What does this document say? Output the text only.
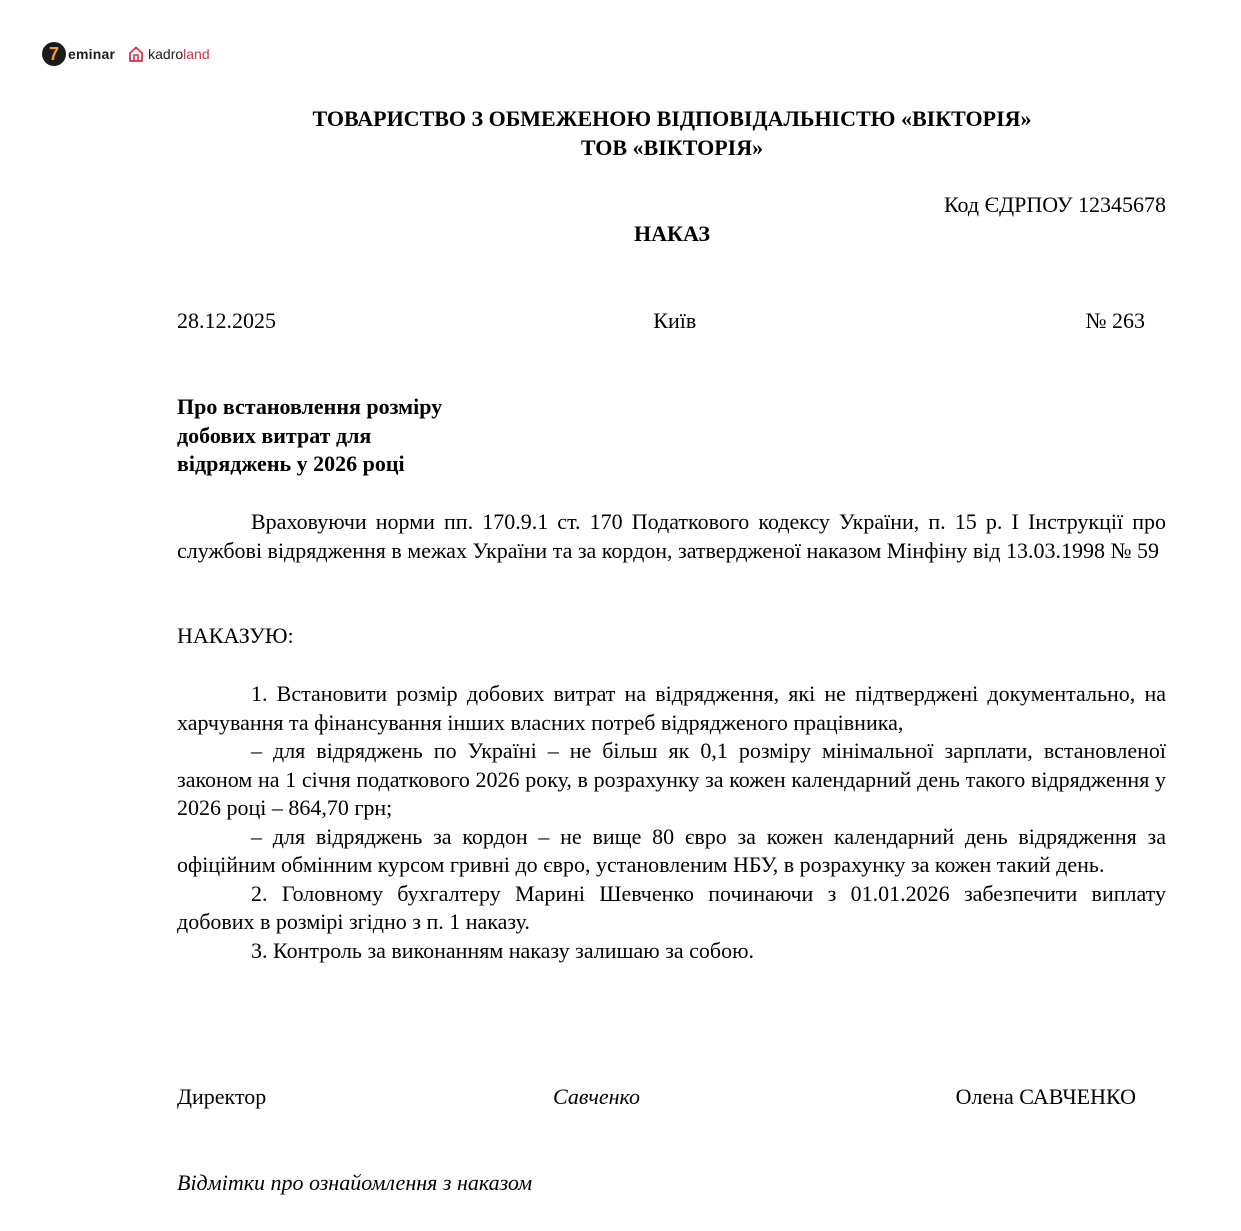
7 eminar kadroland
ТОВАРИСТВО З ОБМЕЖЕНОЮ ВІДПОВІДАЛЬНІСТЮ «ВІКТОРІЯ»
ТОВ «ВІКТОРІЯ»
Код ЄДРПОУ 12345678
НАКАЗ
28.12.2025	Київ	№ 263
Про встановлення розміру
добових витрат для
відряджень у 2026 році

Враховуючи норми пп. 170.9.1 ст. 170 Податкового кодексу України, п. 15 р. І Інструкції про службові відрядження в межах України та за кордон, затвердженої наказом Мінфіну від 13.03.1998 № 59

НАКАЗУЮ:

1. Встановити розмір добових витрат на відрядження, які не підтверджені документально, на харчування та фінансування інших власних потреб відрядженого працівника,

– для відряджень по Україні – не більш як 0,1 розміру мінімальної зарплати, встановленої законом на 1 січня податкового 2026 року, в розрахунку за кожен календарний день такого відрядження у 2026 році – 864,70 грн;

– для відряджень за кордон – не вище 80 євро за кожен календарний день відрядження за офіційним обмінним курсом гривні до євро, установленим НБУ, в розрахунку за кожен такий день.

2. Головному бухгалтеру Марині Шевченко починаючи з 01.01.2026 забезпечити виплату добових в розмірі згідно з п. 1 наказу.

3. Контроль за виконанням наказу залишаю за собою.

Директор	Савченко	Олена САВЧЕНКО
Відмітки про ознайомлення з наказом
